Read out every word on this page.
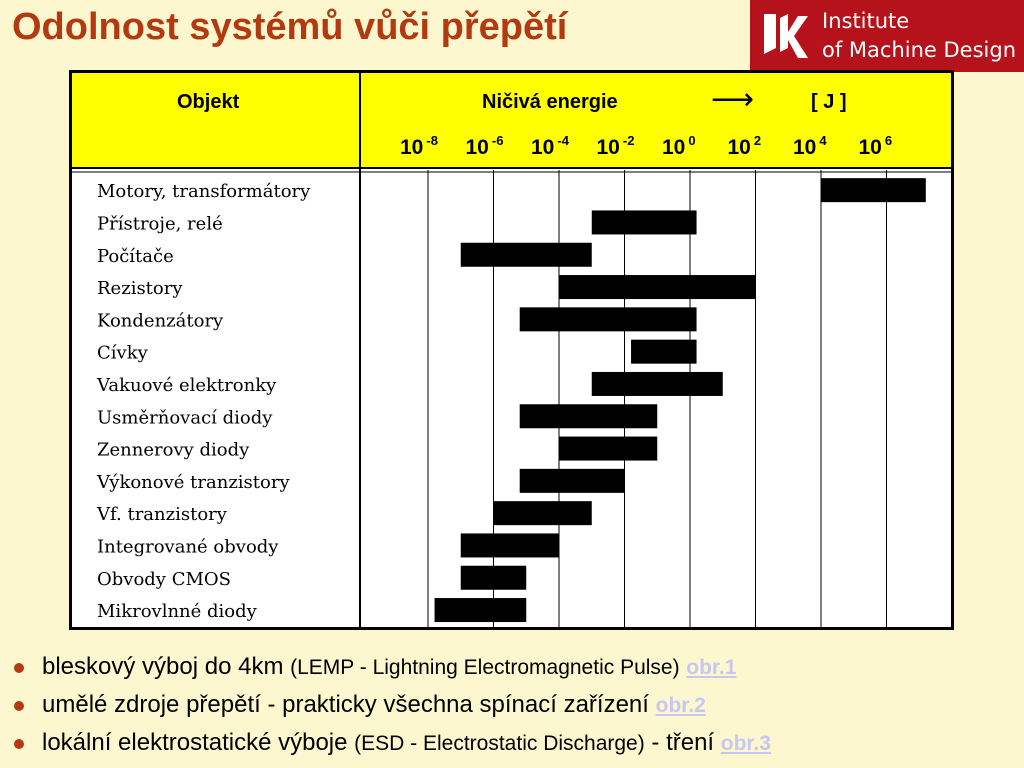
Odolnost systémů vůči přepětí	Institute
of Machine Design
Objekt	Ničivá energie	⟶	[ J ]
10 $^{-8}$ 10 $^{-6}$ 10 $^{-4}$ 10 $^{-2}$ 10 $^0$ 10 $^2$ 10 $^4$ 10 $^6$
Motory, transformátory
Přístroje, relé
Počítače
Rezistory
Kondenzátory
Cívky
Vakuové elektronky
Usměrňovací diody
Zennerovy diody
Výkonové tranzistory
Vf. tranzistory
Integrované obvody
Obvody CMOS
Mikrovlnné diody
bleskový výboj do 4km (LEMP - Lightning Electromagnetic Pulse) obr.1
umělé zdroje přepětí - prakticky všechna spínací zařízení obr.2
lokální elektrostatické výboje (ESD - Electrostatic Discharge) - tření obr.3
